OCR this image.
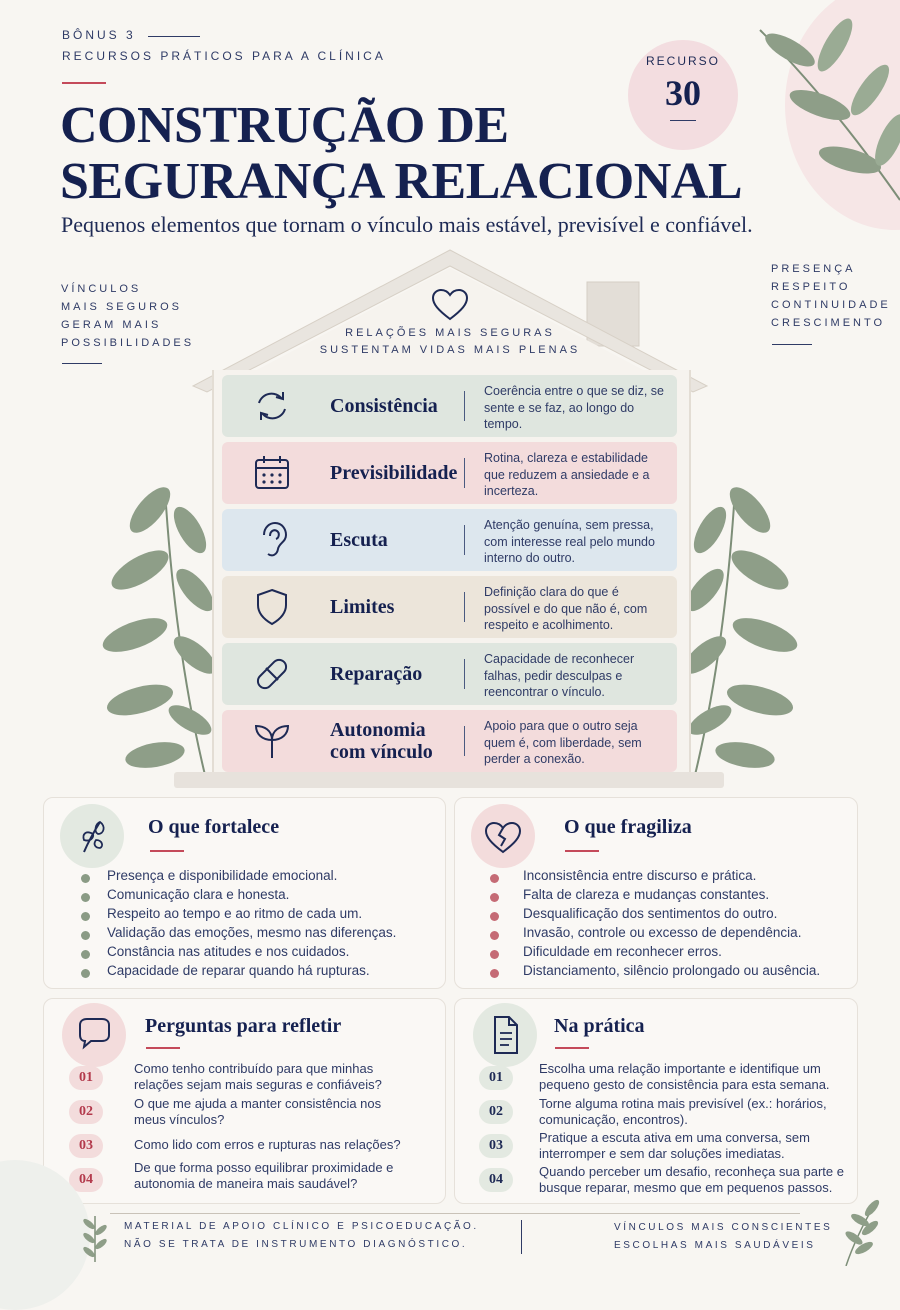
BÔNUS 3
RECURSOS PRÁTICOS PARA A CLÍNICA
CONSTRUÇÃO DE
SEGURANÇA RELACIONAL
Pequenos elementos que tornam o vínculo mais estável, previsível e confiável.
RECURSO
30
VÍNCULOS
MAIS SEGUROS
GERAM MAIS
POSSIBILIDADES
PRESENÇA
RESPEITO
CONTINUIDADE
CRESCIMENTO
RELAÇÕES MAIS SEGURAS
SUSTENTAM VIDAS MAIS PLENAS
Consistência
Coerência entre o que se diz, se sente e se faz, ao longo do tempo.
Previsibilidade
Rotina, clareza e estabilidade que reduzem a ansiedade e a incerteza.
Escuta
Atenção genuína, sem pressa, com interesse real pelo mundo interno do outro.
Limites
Definição clara do que é possível e do que não é, com respeito e acolhimento.
Reparação
Capacidade de reconhecer falhas, pedir desculpas e reencontrar o vínculo.
Autonomia com vínculo
Apoio para que o outro seja quem é, com liberdade, sem perder a conexão.
O que fortalece
Presença e disponibilidade emocional.
Comunicação clara e honesta.
Respeito ao tempo e ao ritmo de cada um.
Validação das emoções, mesmo nas diferenças.
Constância nas atitudes e nos cuidados.
Capacidade de reparar quando há rupturas.
O que fragiliza
Inconsistência entre discurso e prática.
Falta de clareza e mudanças constantes.
Desqualificação dos sentimentos do outro.
Invasão, controle ou excesso de dependência.
Dificuldade em reconhecer erros.
Distanciamento, silêncio prolongado ou ausência.
Perguntas para refletir
01
Como tenho contribuído para que minhas relações sejam mais seguras e confiáveis?
02
O que me ajuda a manter consistência nos meus vínculos?
03	Como lido com erros e rupturas nas relações?
04
De que forma posso equilibrar proximidade e autonomia de maneira mais saudável?
Na prática
01
Escolha uma relação importante e identifique um pequeno gesto de consistência para esta semana.
02
Torne alguma rotina mais previsível (ex.: horários, comunicação, encontros).
03
Pratique a escuta ativa em uma conversa, sem interromper e sem dar soluções imediatas.
04
Quando perceber um desafio, reconheça sua parte e busque reparar, mesmo que em pequenos passos.
MATERIAL DE APOIO CLÍNICO E PSICOEDUCAÇÃO.
NÃO SE TRATA DE INSTRUMENTO DIAGNÓSTICO.
VÍNCULOS MAIS CONSCIENTES
ESCOLHAS MAIS SAUDÁVEIS
